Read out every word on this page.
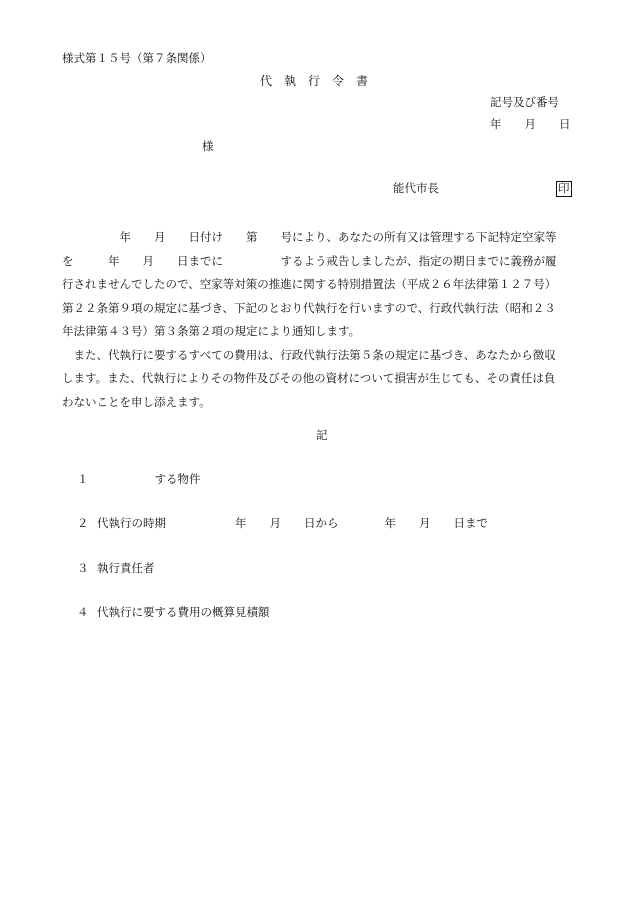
様式第１５号（第７条関係）
代　執　行　令　書
記号及び番号
年　　月　　日
様
能代市長	印
　　　　　年　　月　　日付け　　第　　号により、あなたの所有又は管理する下記特定空家等
を　　　年　　月　　日までに　　　　　するよう戒告しましたが、指定の期日までに義務が履
行されませんでしたので、空家等対策の推進に関する特別措置法（平成２６年法律第１２７号）
第２２条第９項の規定に基づき、下記のとおり代執行を行いますので、行政代執行法（昭和２３
年法律第４３号）第３条第２項の規定により通知します。
　また、代執行に要するすべての費用は、行政代執行法第５条の規定に基づき、あなたから徴収
します。また、代執行によりその物件及びその他の資材について損害が生じても、その責任は負
わないことを申し添えます。
記
１ 　　　　　する物件
２ 代執行の時期　　　　　　年　　月　　日から　　　　年　　月　　日まで
３ 執行責任者
４ 代執行に要する費用の概算見積額
